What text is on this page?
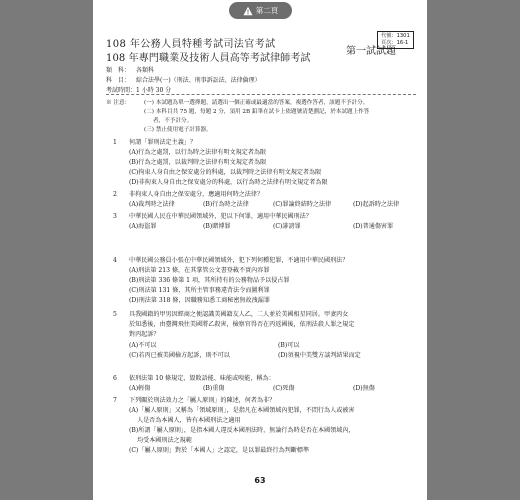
代號：1301
頁次：16-1
108 年公務人員特種考試司法官考試
第一試試題
108 年專門職業及技術人員高等考試律師考試
類　科： 各類科
科　目： 綜合法學(一)（刑法、刑事訴訟法、法律倫理）
考試時間：1 小時 30 分
※ 注意： (一) 本試題為單一選擇題，請選出一個正確或最適當的答案，複選作答者，該題不予計分。
(二) 本科目共 75 題，每題 2 分，須用 2B 鉛筆在試卡上依題號清楚劃記，於本試題上作答
者，不予計分。
(三) 禁止使用電子計算器。
1 何謂「罪刑法定主義」？
(A)行為之處罰，以行為時之法律有明文規定者為限
(B)行為之處罰，以裁判時之法律有明文規定者為限
(C)拘束人身自由之保安處分的科處，以裁判時之法律有明文規定者為限
(D)非拘束人身自由之保安處分的科處，以行為時之法律有明文規定者為限
2 非拘束人身自由之保安處分，應適用何時之法律？
(A)裁判時之法律	(B)行為時之法律	(C)罪論終結時之法律	(D)起訴時之法律
3 中華民國人民在中華民國領域外，犯以下何罪，適用中華民國刑法？
(A)海盜罪	(B)賭博罪	(C)誹謗罪	(D)普通傷害罪
4 中華民國公務員小張在中華民國領域外，犯下列何種犯罪，不適用中華民國刑法？
(A)刑法第 213 條，在其掌管公文書登載不實內容罪
(B)刑法第 336 條第 1 項，其所持有的公務物品予以侵占罪
(C)刑法第 131 條，其所主管事務違背法令而圖利罪
(D)刑法第 318 條，因職務知悉工商秘密無故洩漏罪
5 具我國籍的甲男因經商之便認識美國籍友人乙，二人並於美國相星同居。甲妻丙女
於知悉後，由臺灣飛往美國將乙殺害，檢察官得否在丙返國後，依刑法殺人罪之規定
對丙起訴？
(A)不可以	(B)可以
(C)若丙已被美國檢方起訴，則不可以	(D)須視中美雙方談判結果而定
6 依刑法第 10 條規定，毀敗語能、味能或嗅能，稱為：
(A)輕傷	(B)重傷	(C)死傷	(D)無傷
7 下列關於刑法效力之「屬人原則」的陳述，何者為非？
(A)「屬人原則」又稱為「領域原則」，是指凡在本國領域內犯罪，不問行為人或被害
人是否為本國人，皆有本國刑法之適用
(B)所謂「屬人原則」，是指本國人違反本國刑法時，無論行為時是否在本國領域內，
均受本國刑法之規範
(C)「屬人原則」對於「本國人」之認定，是以罪最終行為判斷標準
63
第二頁
